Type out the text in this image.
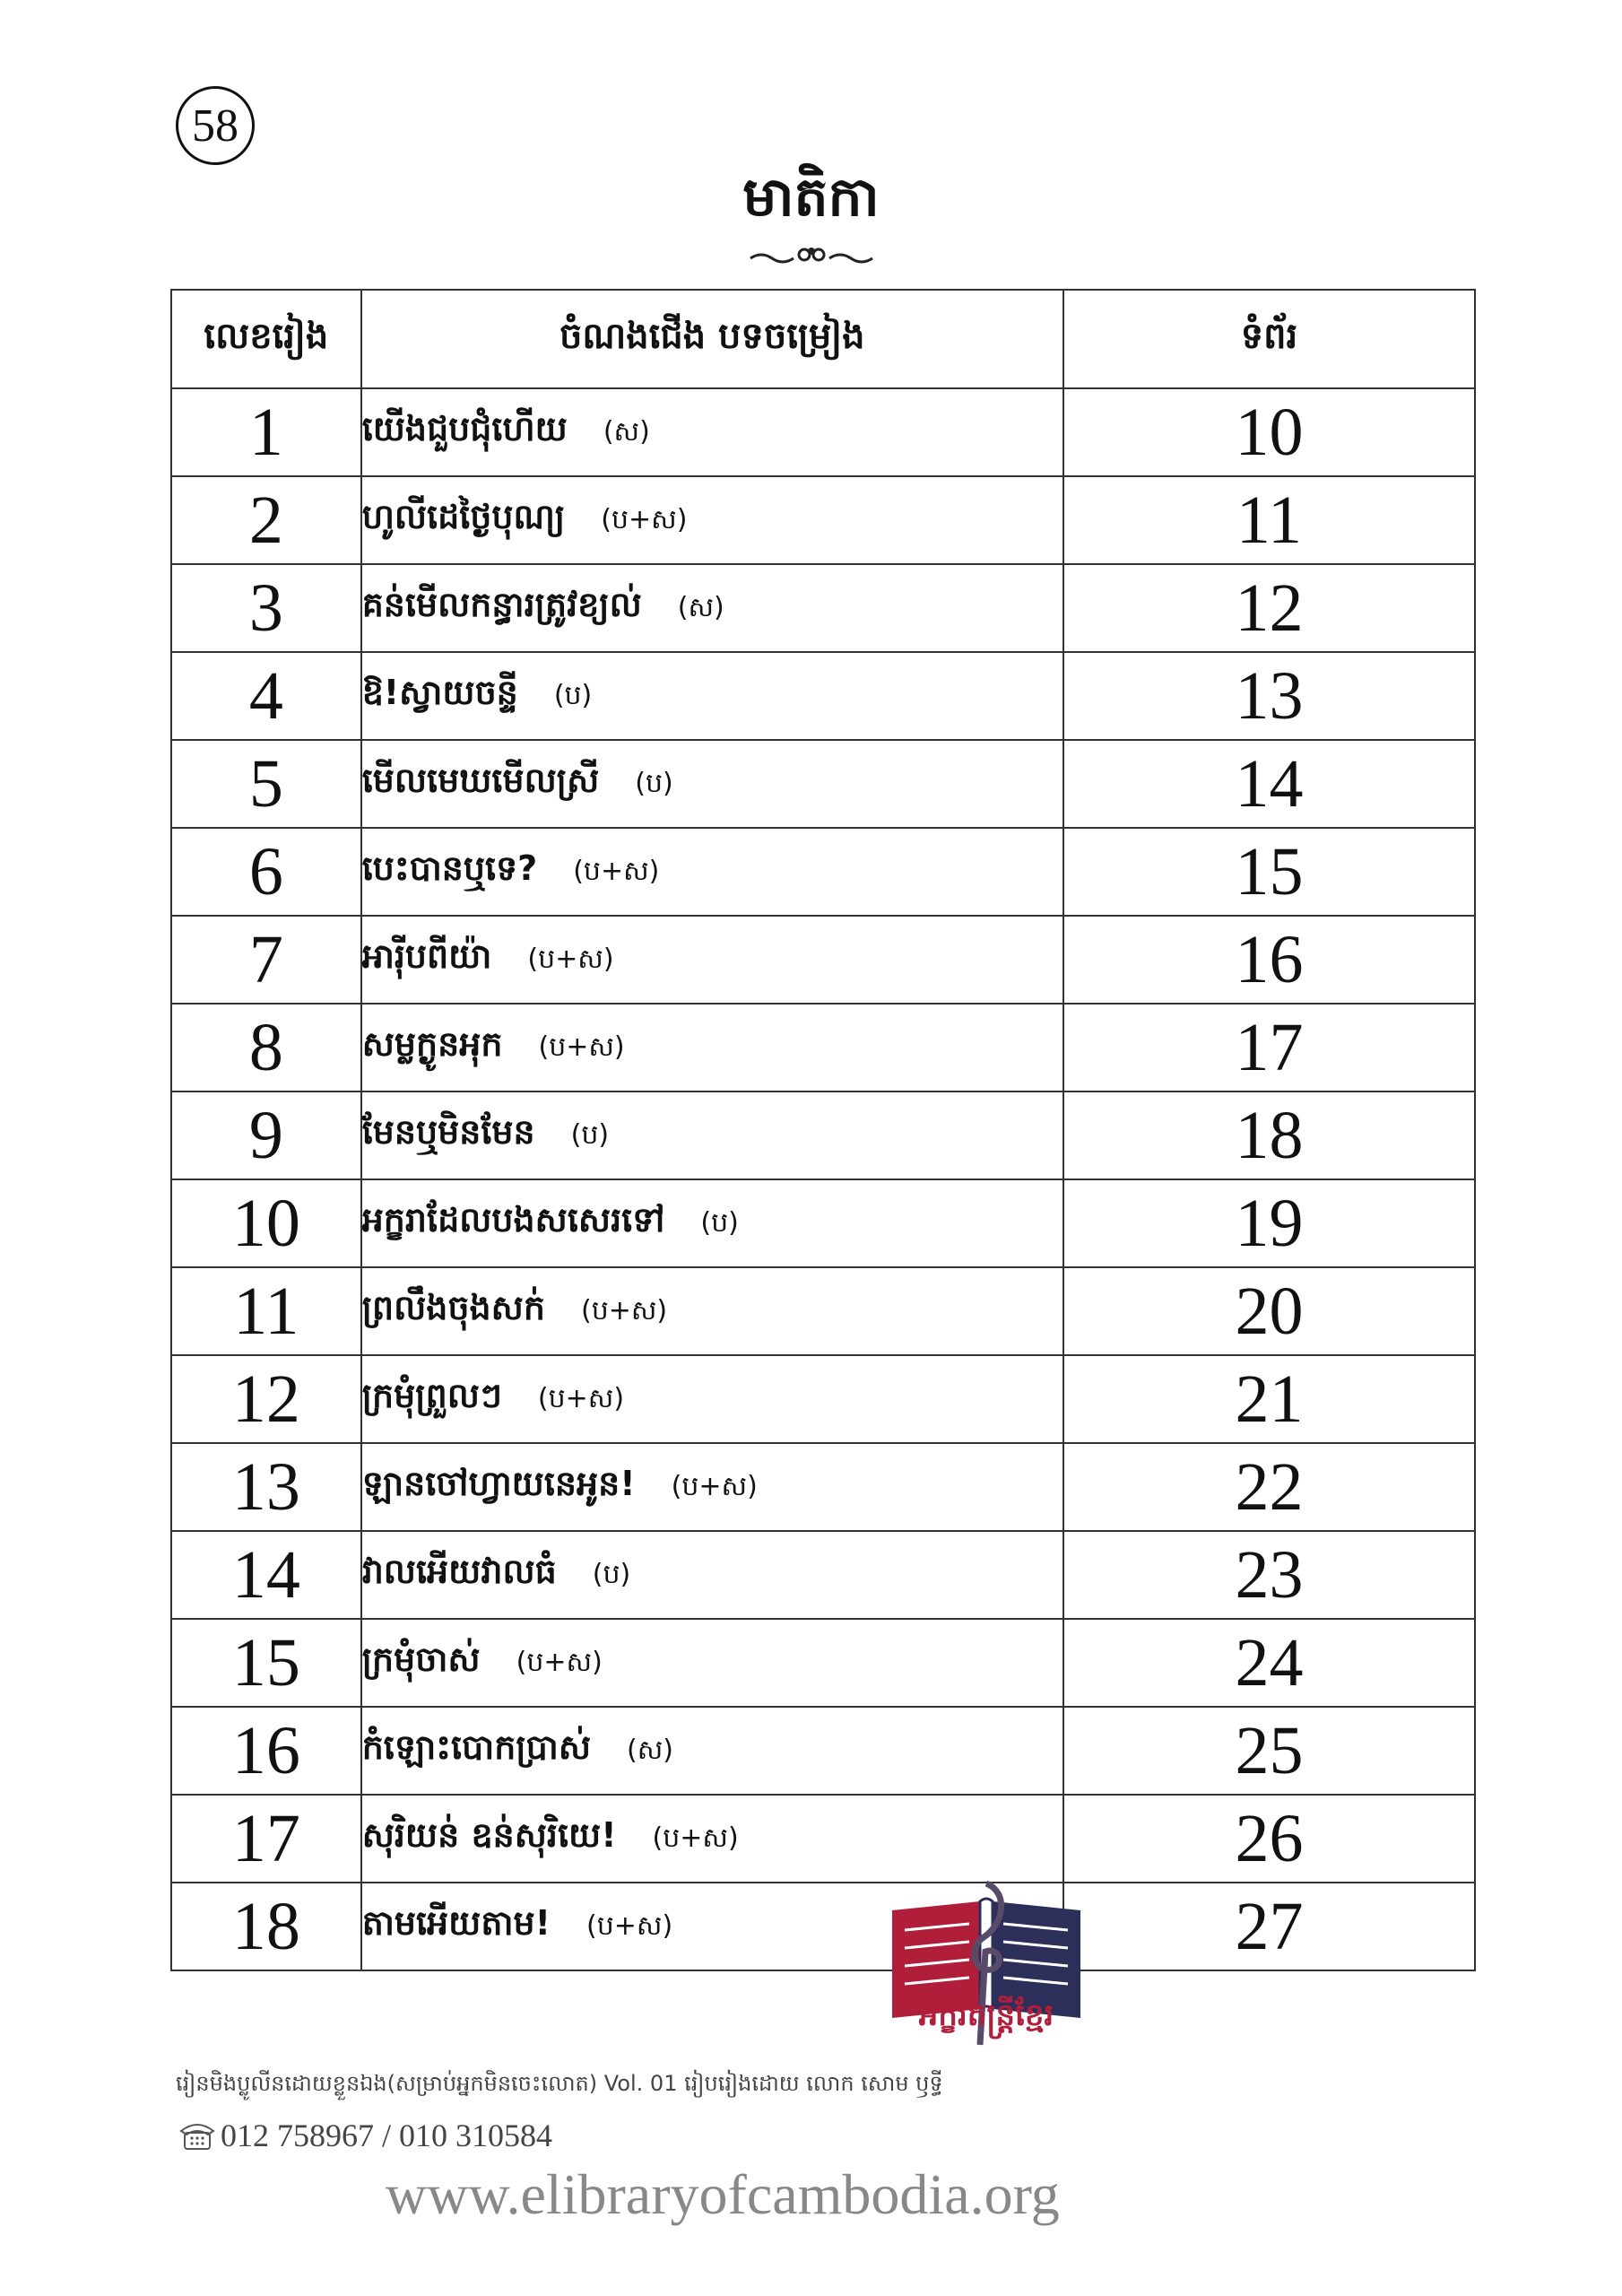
58
មាតិកា
លេខរៀង	ចំណងជើង បទចម្រៀង	ទំព័រ
1	យើងជួបជុំហើយ (ស)	10
2	ហូលីដេថ្ងៃបុណ្យ (ប+ស)	11
3	គន់មើលកន្ធារត្រូវខ្យល់ (ស)	12
4	ឱ!ស្វាយចន្ទី (ប)	13
5	មើលមេឃមើលស្រី (ប)	14
6	បេះបានឬទេ? (ប+ស)	15
7	អារ៉ីបពីយ៉ា (ប+ស)	16
8	សម្លក្ងូនអុក (ប+ស)	17
9	មែនឬមិនមែន (ប)	18
10	អក្ខរាដែលបងសសេរទៅ (ប)	19
11	ព្រលឹងចុងសក់ (ប+ស)	20
12	ក្រមុំព្រួលៗ (ប+ស)	21
13	ឡានចៅហ្វាយនេអូន! (ប+ស)	22
14	វាលអើយវាលធំ (ប)	23
15	ក្រមុំចាស់ (ប+ស)	24
16	កំឡោះបោកប្រាស់ (ស)	25
17	សុរិយន់ ឧន់សុរិយេ! (ប+ស)	26
18	តាមអើយតាម! (ប+ស)	27
អក្ខរតន្ត្រីខ្មែរ
រៀនមិងប្លូលីនដោយខ្លួនឯង(សម្រាប់អ្នកមិនចេះលោត) Vol. 01 រៀបរៀងដោយ លោក សោម ឫទ្ធី
012 758967 / 010 310584
www.elibraryofcambodia.org
